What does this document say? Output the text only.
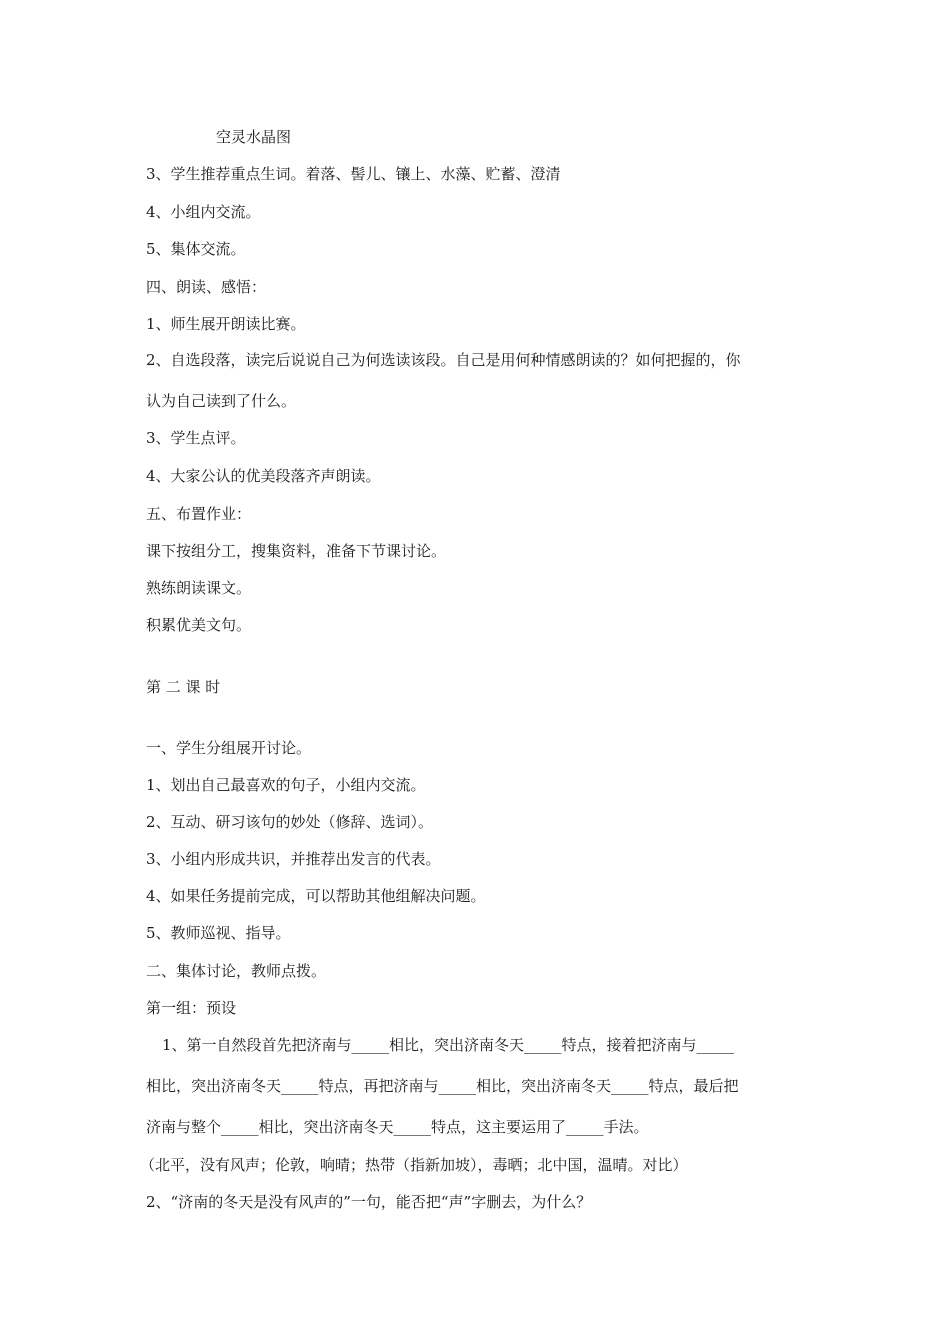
空灵水晶图
3、学生推荐重点生词。着落、髻儿、镶上、水藻、贮蓄、澄清
4、小组内交流。
5、集体交流。
四、朗读、感悟：
1、师生展开朗读比赛。
2、自选段落，读完后说说自己为何选读该段。自己是用何种情感朗读的？如何把握的，你
认为自己读到了什么。
3、学生点评。
4、大家公认的优美段落齐声朗读。
五、布置作业：
课下按组分工，搜集资料，准备下节课讨论。
熟练朗读课文。
积累优美文句。
第 二 课 时
一、学生分组展开讨论。
1、划出自己最喜欢的句子，小组内交流。
2、互动、研习该句的妙处（修辞、选词）。
3、小组内形成共识，并推荐出发言的代表。
4、如果任务提前完成，可以帮助其他组解决问题。
5、教师巡视、指导。
二、集体讨论，教师点拨。
第一组：预设
1、第一自然段首先把济南与_____相比，突出济南冬天_____特点，接着把济南与_____
相比，突出济南冬天_____特点，再把济南与_____相比，突出济南冬天_____特点，最后把
济南与整个_____相比，突出济南冬天_____特点，这主要运用了_____手法。
（北平，没有风声；伦敦，响晴；热带（指新加坡），毒晒；北中国，温晴。对比）
2、“济南的冬天是没有风声的”一句，能否把“声”字删去，为什么？
